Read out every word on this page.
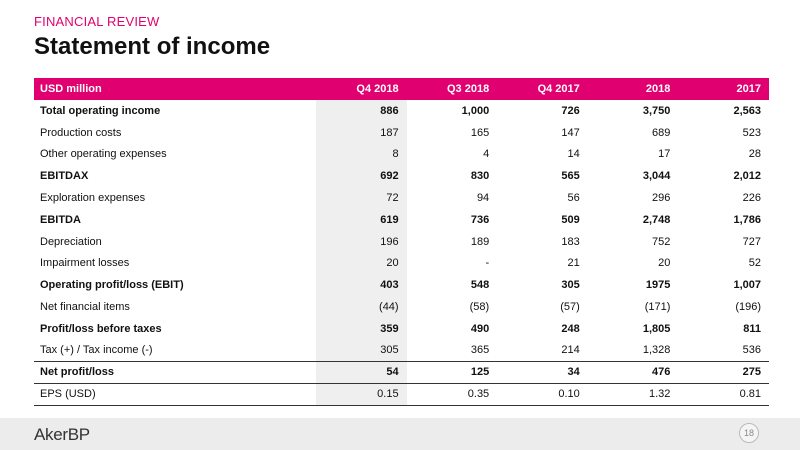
FINANCIAL REVIEW
Statement of income
USD million	Q4 2018	Q3 2018	Q4 2017	2018	2017
Total operating income	886	1,000	726	3,750	2,563
Production costs	187	165	147	689	523
Other operating expenses	8	4	14	17	28
EBITDAX	692	830	565	3,044	2,012
Exploration expenses	72	94	56	296	226
EBITDA	619	736	509	2,748	1,786
Depreciation	196	189	183	752	727
Impairment losses	20	-	21	20	52
Operating profit/loss (EBIT)	403	548	305	1975	1,007
Net financial items	(44)	(58)	(57)	(171)	(196)
Profit/loss before taxes	359	490	248	1,805	811
Tax (+) / Tax income (-)	305	365	214	1,328	536
Net profit/loss	54	125	34	476	275
EPS (USD)	0.15	0.35	0.10	1.32	0.81
AkerBP	18
